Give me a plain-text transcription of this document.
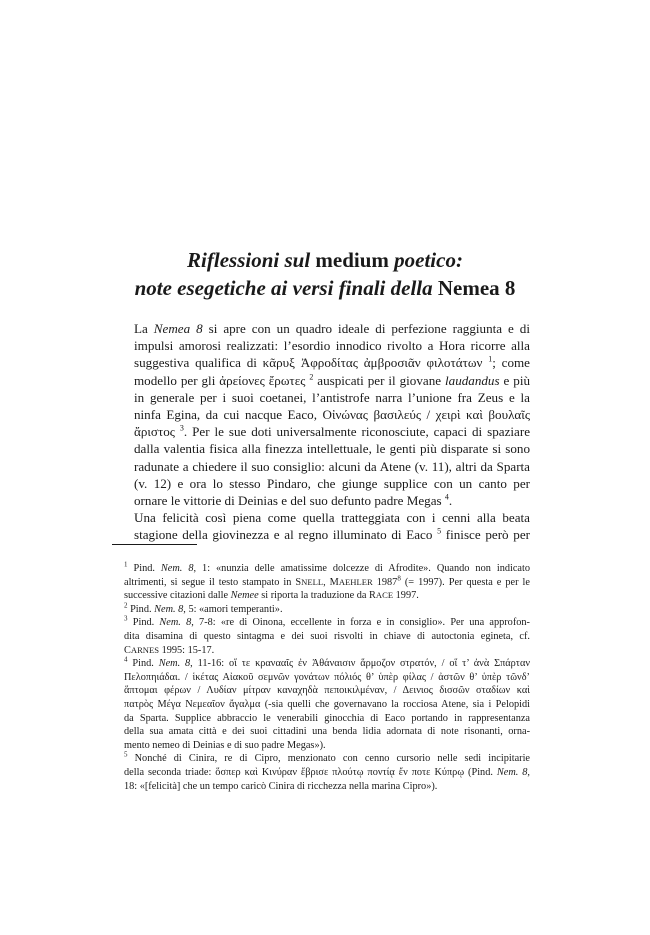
Riflessioni sul medium poetico:
note esegetiche ai versi finali della Nemea 8

La Nemea 8 si apre con un quadro ideale di perfezione raggiunta e di
impulsi amorosi realizzati: l’esordio innodico rivolto a Hora ricorre alla
suggestiva qualifica di κᾶρυξ Ἀφροδίτας ἀμβροσιᾶν φιλοτάτων $^1$; come
modello per gli ἀρείονες ἔρωτες $^2$ auspicati per il giovane laudandus e più
in generale per i suoi coetanei, l’antistrofe narra l’unione fra Zeus e la
ninfa Egina, da cui nacque Eaco, Οἰνώνας βασιλεύς / χειρὶ καὶ βουλαῖς
ἄριστος $^3$. Per le sue doti universalmente riconosciute, capaci di spaziare
dalla valentia fisica alla finezza intellettuale, le genti più disparate si sono
radunate a chiedere il suo consiglio: alcuni da Atene (v. 11), altri da Sparta
(v. 12) e ora lo stesso Pindaro, che giunge supplice con un canto per
ornare le vittorie di Deinias e del suo defunto padre Megas $^4$.

Una felicità così piena come quella tratteggiata con i cenni alla beata
stagione della giovinezza e al regno illuminato di Eaco $^5$ finisce però per

$^1$ Pind. Nem. 8, 1: «nunzia delle amatissime dolcezze di Afrodite». Quando non indicato
altrimenti, si segue il testo stampato in SNELL, MAEHLER 1987$^8$ (= 1997). Per questa e per le
successive citazioni dalle Nemee si riporta la traduzione da RACE 1997.
$^2$ Pind. Nem. 8, 5: «amori temperanti».
$^3$ Pind. Nem. 8, 7-8: «re di Oinona, eccellente in forza e in consiglio». Per una approfon-
dita disamina di questo sintagma e dei suoi risvolti in chiave di autoctonia egineta, cf.
CARNES 1995: 15-17.
$^4$ Pind. Nem. 8, 11-16: οἵ τε κρανααῖς ἐν Ἀθάναισιν ἅρμοζον στρατόν, / οἵ τ’ ἀνὰ Σπάρταν
Πελοπηιάδαι. / ἱκέτας Αἰακοῦ σεμνῶν γονάτων πόλιός θ’ ὑπὲρ φίλας / ἀστῶν θ’ ὑπὲρ τῶνδ’
ἅπτομαι φέρων / Λυδίαν μίτραν καναχηδὰ πεποικιλμέναν, / Δεινιος δισσῶν σταδίων καὶ
πατρὸς Μέγα Νεμεαῖον ἄγαλμα (-sia quelli che governavano la rocciosa Atene, sia i Pelopidi
da Sparta. Supplice abbraccio le venerabili ginocchia di Eaco portando in rappresentanza
della sua amata città e dei suoi cittadini una benda lidia adornata di note risonanti, orna-
mento nemeo di Deinias e di suo padre Megas»).
$^5$ Nonché di Cinira, re di Cipro, menzionato con cenno cursorio nelle sedi incipitarie
della seconda triade: ὅσπερ καὶ Κινύραν ἔβρισε πλούτῳ ποντίᾳ ἔν ποτε Κύπρῳ (Pind. Nem. 8,
18: «[felicità] che un tempo caricò Cinira di ricchezza nella marina Cipro»).
